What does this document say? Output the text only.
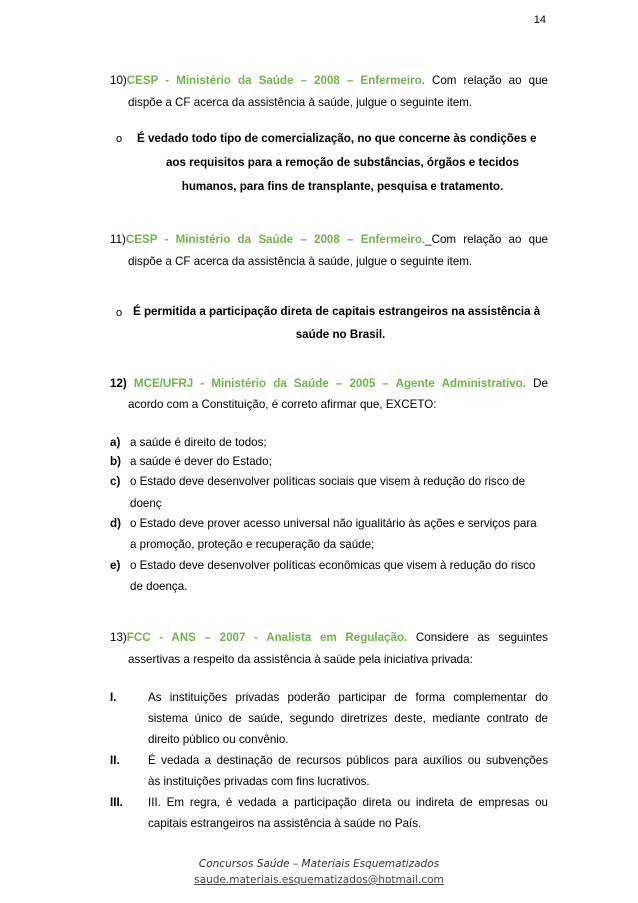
14
10)CESP - Ministério da Saúde – 2008 – Enfermeiro. Com relação ao que
dispõe a CF acerca da assistência à saúde, julgue o seguinte item.
o É vedado todo tipo de comercialização, no que concerne às condições e
aos requisitos para a remoção de substâncias, órgãos e tecidos
humanos, para fins de transplante, pesquisa e tratamento.
11)CESP - Ministério da Saúde – 2008 – Enfermeiro._Com relação ao que
dispõe a CF acerca da assistência à saúde, julgue o seguinte item.
o É permitida a participação direta de capitais estrangeiros na assistência à
saúde no Brasil.
12) MCE/UFRJ - Ministério da Saúde – 2005 – Agente Administrativo. De
acordo com a Constituição, é correto afirmar que, EXCETO:
a) a saúde é direito de todos;
b) a saúde é dever do Estado;
c) o Estado deve desenvolver políticas sociais que visem à redução do risco de
doenç
d) o Estado deve prover acesso universal não igualitário às ações e serviços para
a promoção, proteção e recuperação da saúde;
e) o Estado deve desenvolver políticas econômicas que visem à redução do risco
de doença.
13)FCC - ANS – 2007 - Analista em Regulação. Considere as seguintes
assertivas a respeito da assistência à saúde pela iniciativa privada:
I.	As instituições privadas poderão participar de forma complementar do
sistema único de saúde, segundo diretrizes deste, mediante contrato de
direito público ou convênio.
II. É vedada a destinação de recursos públicos para auxílios ou subvenções
às instituições privadas com fins lucrativos.
III. III. Em regra, é vedada a participação direta ou indireta de empresas ou
capitais estrangeiros na assistência à saúde no País.
Concursos Saúde – Materiais Esquematizados
saude.materiais.esquematizados@hotmail.com
